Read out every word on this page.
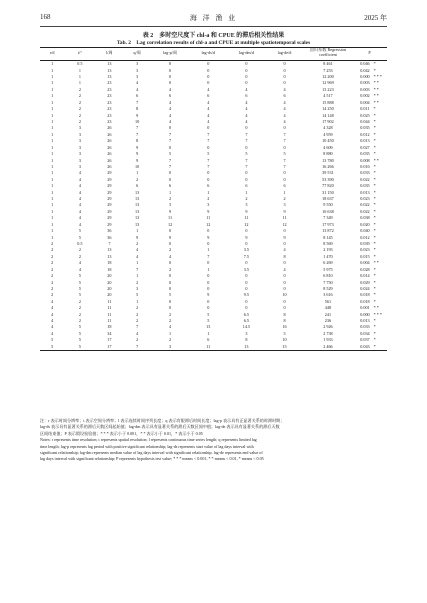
168	海 洋 渔 业	2025 年
表 2　多时空尺度下 chl-a 和 CPUE 的滞后相关性结果
Tab. 2　Lag correlation results of chl-a and CPUE at multiple spatiotemporal scales
r/d	t/°	l/周	q/周	lag-p/周	lag-ds/d	lag-dm/d	lag-de/d	回归系数 Regression coefficient	P

1	0.5	13	3	0	0	0	0	8 461	0.046 *
1	1	13	3	0	0	0	0	7 253	0.042 *
1	1	13	3	0	0	0	0	12 200	0.000 * * *
1	1	23	4	0	0	0	0	12 969	0.003 * *
1	2	23	4	4	4	4	4	13 223	0.003 * *
1	2	23	6	6	6	6	6	4 517	0.002 * *
1	2	23	7	4	4	4	4	15 888	0.004 * *
1	2	23	8	4	4	4	4	14 250	0.011 *
1	2	23	9	4	4	4	4	14 148	0.025 *
1	2	23	10	4	4	4	4	17 902	0.044 *
1	3	26	7	0	0	0	0	4 328	0.035 *
1	3	26	7	7	7	7	7	4 959	0.012 *
1	3	26	8	7	7	7	7	10 450	0.013 *
1	3	26	9	0	0	0	0	4 609	0.027 *
1	3	26	9	5	5	5	5	8 880	0.035 *
1	3	26	9	7	7	7	7	13 780	0.008 * *
1	3	26	10	7	7	7	7	16 266	0.016 *
1	4	29	1	0	0	0	0	39 531	0.033 *
1	4	29	2	0	0	0	0	53 390	0.022 *
1	4	29	6	6	6	6	6	77 820	0.035 *
1	4	29	13	1	1	1	1	31 150	0.013 *
1	4	29	13	2	2	2	2	18 637	0.023 *
1	4	29	13	3	3	3	3	9 550	0.022 *
1	4	29	13	9	9	9	9	16 638	0.022 *
1	4	29	13	11	11	11	11	7 349	0.038 *
1	4	29	13	12	12	12	12	17 973	0.020 *
1	5	36	1	0	0	0	0	13 872	0.040 *
1	5	36	9	9	9	9	9	8 145	0.012 *
2	0.5	7	2	0	0	0	0	8 569	0.039 *
2	2	13	4	2	1	3.5	4	2 193	0.023 *
2	2	13	4	4	7	7.5	8	1 470	0.015 *
2	4	18	1	0	0	0	0	6 269	0.004 * *
2	4	18	7	2	1	3.5	4	5 975	0.028 *
2	5	20	1	0	0	0	0	6 810	0.014 *
2	5	20	2	0	0	0	0	7 750	0.029 *
2	5	20	3	0	0	0	0	8 529	0.024 *
2	5	20	5	5	9	9.5	10	3 616	0.018 *
4	2	11	1	0	0	0	0	561	0.018 *
4	2	11	2	0	0	0	0	448	0.001 * *
4	2	11	2	2	5	6.5	8	241	0.000 * * *
4	2	11	2	2	5	6.5	8	236	0.013 *
4	5	18	7	4	13	14.5	16	2 926	0.033 *
4	5	34	4	1	1	3	5	2 738	0.034 *
5	5	17	2	2	6	8	10	1 933	0.037 *
5	5	17	7	3	11	13	15	2 466	0.043 *
注：r 表示时间分辨率；t 表示空间分辨率；l 表示连续时间序列长度；q 表示有限滞后时间长度；lag-p 表示具有正显著关系的时滞时期；
lag-ds 表示具有显著关系的滞后天数区间起始值；lag-dm 表示具有显著关系的滞后天数区间中值；lag-de 表示具有显著关系的滞后天数
区间结束值；P 表示假设检验值；* * * 表示小于 0.001，* * 表示小于 0.01，* 表示小于 0.05
Notes: r represents time resolution; t represents spatial resolution; l represents continuous time series length; q represents limited lag
time length; lag-p represents lag period with positive significant relationship; lag-ds represents start value of lag days interval with
significant relationship; lag-dm represents median value of lag days interval with significant relationship; lag-de represents end value of
lag days interval with significant relationship; P represents hypothesis test value; * * * means < 0.001, * * means < 0.01, * means < 0.05
